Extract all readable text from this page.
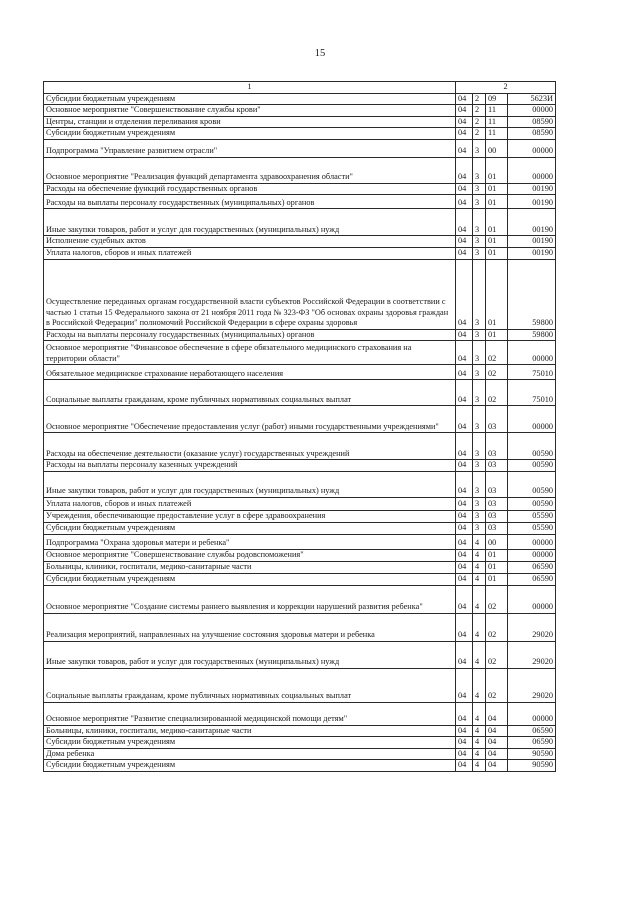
15
1	2			
Субсидии бюджетным учреждениям	04	2	09	5623И
Основное мероприятие "Совершенствование службы крови"	04	2	11	00000
Центры, станции и отделения переливания крови	04	2	11	08590
Субсидии бюджетным учреждениям	04	2	11	08590
Подпрограмма "Управление развитием отрасли"	04	3	00	00000
Основное мероприятие "Реализация функций департамента здравоохранения области"	04	3	01	00000
Расходы на обеспечение функций государственных органов	04	3	01	00190
Расходы на выплаты персоналу государственных (муниципальных) органов	04	3	01	00190
Иные закупки товаров, работ и услуг для государственных (муниципальных) нужд	04	3	01	00190
Исполнение судебных актов	04	3	01	00190
Уплата налогов, сборов и иных платежей	04	3	01	00190
Осуществление переданных органам государственной власти субъектов Российской Федерации в соответствии с частью 1 статьи 15 Федерального закона от 21 ноября 2011 года № 323-ФЗ "Об основах охраны здоровья граждан в Российской Федерации" полномочий Российской Федерации в сфере охраны здоровья	04	3	01	59800
Расходы на выплаты персоналу государственных (муниципальных) органов	04	3	01	59800
Основное мероприятие "Финансовое обеспечение в сфере обязательного медицинского страхования на территории области"	04	3	02	00000
Обязательное медицинское страхование неработающего населения	04	3	02	75010
Социальные выплаты гражданам, кроме публичных нормативных социальных выплат	04	3	02	75010
Основное мероприятие "Обеспечение предоставления услуг (работ) иными государственными учреждениями"	04	3	03	00000
Расходы на обеспечение деятельности (оказание услуг) государственных учреждений	04	3	03	00590
Расходы на выплаты персоналу казенных учреждений	04	3	03	00590
Иные закупки товаров, работ и услуг для государственных (муниципальных) нужд	04	3	03	00590
Уплата налогов, сборов и иных платежей	04	3	03	00590
Учреждения, обеспечивающие предоставление услуг в сфере здравоохранения	04	3	03	05590
Субсидии бюджетным учреждениям	04	3	03	05590
Подпрограмма "Охрана здоровья матери и ребенка"	04	4	00	00000
Основное мероприятие "Совершенствование службы родовспоможения"	04	4	01	00000
Больницы, клиники, госпитали, медико-санитарные части	04	4	01	06590
Субсидии бюджетным учреждениям	04	4	01	06590
Основное мероприятие "Создание системы раннего выявления и коррекции нарушений развития ребенка"	04	4	02	00000
Реализация мероприятий, направленных на улучшение состояния здоровья матери и ребенка	04	4	02	29020
Иные закупки товаров, работ и услуг для государственных (муниципальных) нужд	04	4	02	29020
Социальные выплаты гражданам, кроме публичных нормативных социальных выплат	04	4	02	29020
Основное мероприятие "Развитие специализированной медицинской помощи детям"	04	4	04	00000
Больницы, клиники, госпитали, медико-санитарные части	04	4	04	06590
Субсидии бюджетным учреждениям	04	4	04	06590
Дома ребенка	04	4	04	90590
Субсидии бюджетным учреждениям	04	4	04	90590
